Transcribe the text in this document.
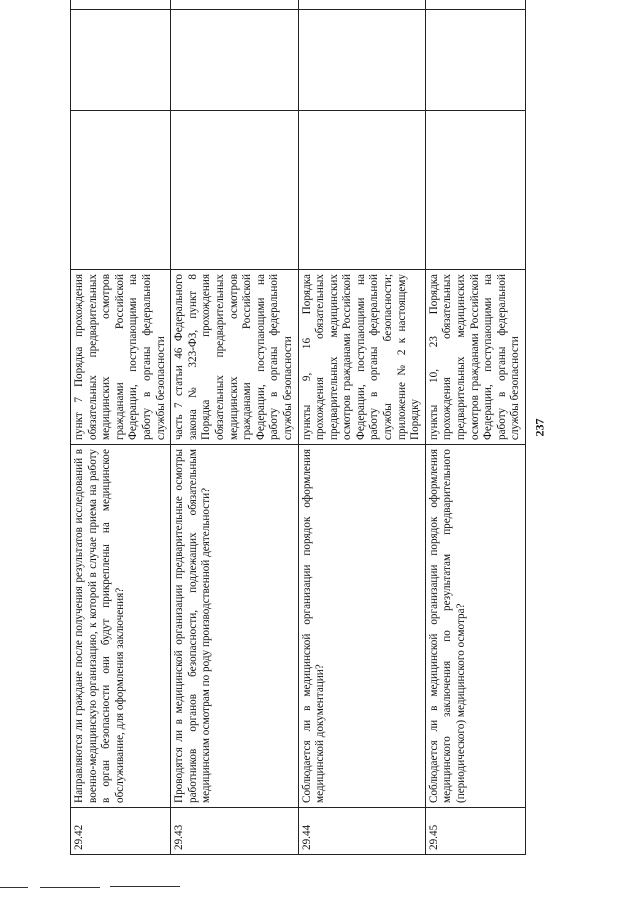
237
29.42	Направляются ли граждане после получения результатов исследований в военно-медицинскую организацию, к которой в случае приема на работу в орган безопасности они будут прикреплены на медицинское обслуживание, для оформления заключения?	пункт 7 Порядка прохождения обязательных предварительных медицинских осмотров гражданами Российской Федерации, поступающими на работу в органы федеральной службы безопасности			
29.43	Проводятся ли в медицинской организации предварительные осмотры работников органов безопасности, подлежащих обязательным медицинским осмотрам по роду производственной деятельности?	часть 7 статьи 46 Федерального закона № 323-ФЗ, пункт 8 Порядка прохождения обязательных предварительных медицинских осмотров гражданами Российской Федерации, поступающими на работу в органы федеральной службы безопасности			
29.44	Соблюдается ли в медицинской организации порядок оформления медицинской документации?	пункты 9, 16 Порядка прохождения обязательных предварительных медицинских осмотров гражданами Российской Федерации, поступающими на работу в органы федеральной службы безопасности; приложение № 2 к настоящему Порядку			
29.45	Соблюдается ли в медицинской организации порядок оформления медицинского заключения по результатам предварительного (периодического) медицинского осмотра?	пункты 10, 23 Порядка прохождения обязательных предварительных медицинских осмотров гражданами Российской Федерации, поступающими на работу в органы федеральной службы безопасности			
